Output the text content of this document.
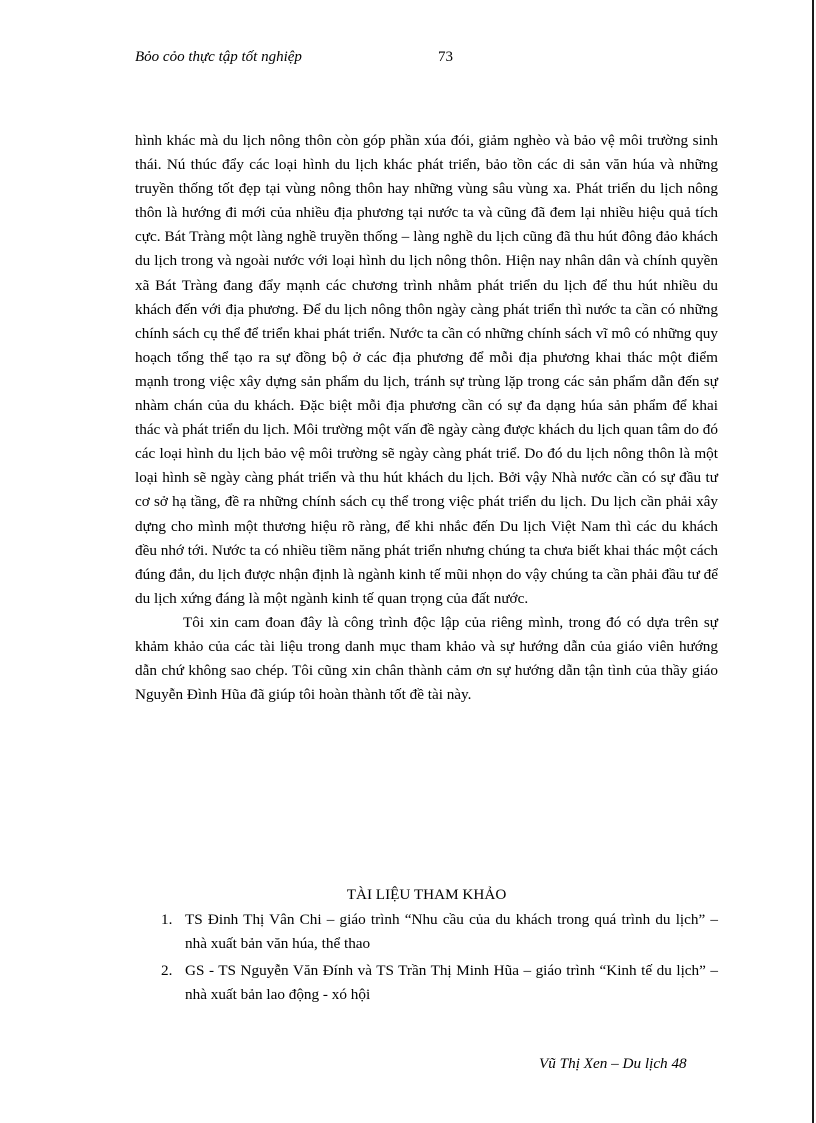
Bỏo cỏo thực tập tốt nghiệp	73

hình khác mà du lịch nông thôn còn góp phần xúa đói, giảm nghèo và bảo vệ môi trường sinh thái. Nú thúc đẩy các loại hình du lịch khác phát triển, bảo tồn các di sản văn húa và những truyền thống tốt đẹp tại vùng nông thôn hay những vùng sâu vùng xa. Phát triển du lịch nông thôn là hướng đi mới của nhiều địa phương tại nước ta và cũng đã đem lại nhiều hiệu quả tích cực. Bát Tràng một làng nghề truyền thống – làng nghề du lịch cũng đã thu hút đông đảo khách du lịch trong và ngoài nước với loại hình du lịch nông thôn. Hiện nay nhân dân và chính quyền xã Bát Tràng đang đẩy mạnh các chương trình nhằm phát triển du lịch để thu hút nhiều du khách đến với địa phương. Để du lịch nông thôn ngày càng phát triển thì nước ta cần có những chính sách cụ thể để triển khai phát triển. Nước ta cần có những chính sách vĩ mô có những quy hoạch tổng thể tạo ra sự đồng bộ ở các địa phương để mỗi địa phương khai thác một điểm mạnh trong việc xây dựng sản phẩm du lịch, tránh sự trùng lặp trong các sản phẩm dẫn đến sự nhàm chán của du khách. Đặc biệt mỗi địa phương cần có sự đa dạng húa sản phẩm để khai thác và phát triển du lịch. Môi trường một vấn đề ngày càng được khách du lịch quan tâm do đó các loại hình du lịch bảo vệ môi trường sẽ ngày càng phát triể. Do đó du lịch nông thôn là một loại hình sẽ ngày càng phát triển và thu hút khách du lịch. Bởi vậy Nhà nước cần có sự đầu tư cơ sở hạ tầng, đề ra những chính sách cụ thể trong việc phát triển du lịch. Du lịch cần phải xây dựng cho mình một thương hiệu rõ ràng, để khi nhắc đến Du lịch Việt Nam thì các du khách đều nhớ tới. Nước ta có nhiều tiềm năng phát triển nhưng chúng ta chưa biết khai thác một cách đúng đắn, du lịch được nhận định là ngành kinh tế mũi nhọn do vậy chúng ta cần phải đầu tư để du lịch xứng đáng là một ngành kinh tế quan trọng của đất nước.

Tôi xin cam đoan đây là công trình độc lập của riêng mình, trong đó có dựa trên sự khảm khảo của các tài liệu trong danh mục tham khảo và sự hướng dẫn của giáo viên hướng dẫn chứ không sao chép. Tôi cũng xin chân thành cảm ơn sự hướng dẫn tận tình của thầy giáo Nguyễn Đình Hũa đã giúp tôi hoàn thành tốt đề tài này.

TÀI LIỆU THAM KHẢO
1. TS Đinh Thị Vân Chi – giáo trình “Nhu cầu của du khách trong quá trình du lịch” – nhà xuất bản văn húa, thể thao
2. GS - TS Nguyễn Văn Đính và TS Trần Thị Minh Hũa – giáo trình “Kinh tế du lịch” – nhà xuất bản lao động - xó hội
Vũ Thị Xen – Du lịch 48
